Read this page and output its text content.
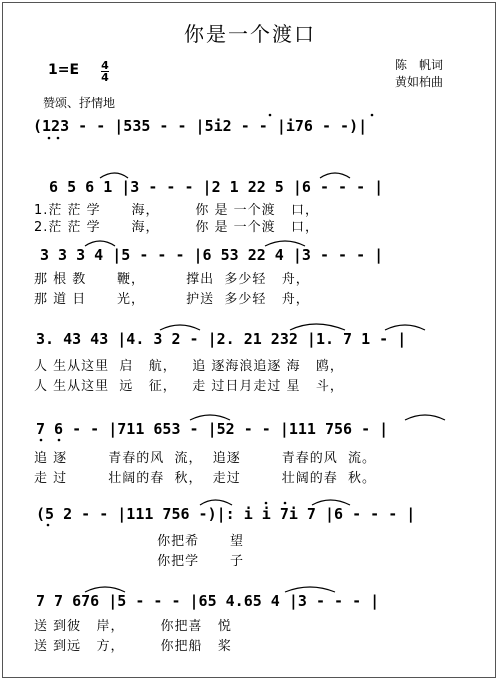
你是一个渡口
陈　帆词
黄如柏曲
1=E 4
4
赞颂、抒情地
(123 - - |535 - - |5i2 - - |i76 - -)|
6 5 6 1 |3 - - - |2 1 22 5 |6 - - - |
1.茫 茫 学      海，       你 是 一个渡   口，
2.茫 茫 学      海，       你 是 一个渡   口，
3 3 3 4 |5 - - - |6 53 22 4 |3 - - - |
那 根 教      鞭，        撑出  多少轻   舟，
那 道 日      光，        护送  多少轻   舟，
3. 43 43 |4. 3 2 - |2. 21 232 |1. 7 1 - |
人 生从这里  启   航，   追 逐海浪追逐 海   鸥，
人 生从这里  远   征，   走 过日月走过 星   斗，
7 6 - - |711 653 - |52 - - |111 756 - |
追 逐        青春的风  流，  追逐        青春的风  流。
走 过        壮阔的春  秋，  走过        壮阔的春  秋。
(5 2 - - |111 756 -)|: i i 7i 7 |6 - - - |
你把希      望
你把学      子
7 7 676 |5 - - - |65 4.65 4 |3 - - - |
送 到彼   岸，       你把喜   悦
送 到远   方，       你把船   桨
